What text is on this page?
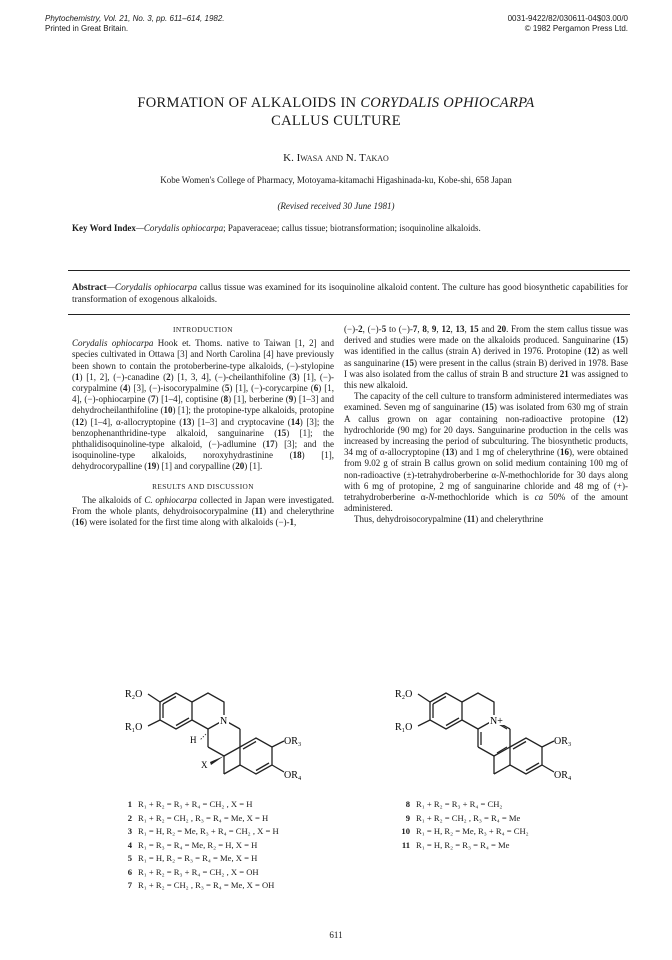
Phytochemistry, Vol. 21, No. 3, pp. 611–614, 1982.
Printed in Great Britain.
0031-9422/82/030611-04$03.00/0
© 1982 Pergamon Press Ltd.
FORMATION OF ALKALOIDS IN CORYDALIS OPHIOCARPA
CALLUS CULTURE
K. Iwasa and N. Takao
Kobe Women's College of Pharmacy, Motoyama-kitamachi Higashinada-ku, Kobe-shi, 658 Japan
(Revised received 30 June 1981)
Key Word Index—Corydalis ophiocarpa; Papaveraceae; callus tissue; biotransformation; isoquinoline alkaloids.
Abstract—Corydalis ophiocarpa callus tissue was examined for its isoquinoline alkaloid content. The culture has good biosynthetic capabilities for transformation of exogenous alkaloids.
INTRODUCTION

Corydalis ophiocarpa Hook et. Thoms. native to Taiwan [1, 2] and species cultivated in Ottawa [3] and North Carolina [4] have previously been shown to contain the protoberberine-type alkaloids, (−)-stylopine (1) [1, 2], (−)-canadine (2) [1, 3, 4], (−)-cheilanthifoline (3) [1], (−)-corypalmine (4) [3], (−)-isocorypalmine (5) [1], (−)-corycarpine (6) [1, 4], (−)-ophiocarpine (7) [1–4], coptisine (8) [1], berberine (9) [1–3] and dehydrocheilanthifoline (10) [1]; the protopine-type alkaloids, protopine (12) [1–4], α-allocryptopine (13) [1–3] and cryptocavine (14) [3]; the benzophenanthridine-type alkaloid, sanguinarine (15) [1]; the phthalidisoquinoline-type alkaloid, (−)-adlumine (17) [3]; and the isoquinoline-type alkaloids, noroxyhydrastinine (18) [1], dehydrocorypalline (19) [1] and corypalline (20) [1].

RESULTS AND DISCUSSION

The alkaloids of C. ophiocarpa collected in Japan were investigated. From the whole plants, dehydroisocorypalmine (11) and chelerythrine (16) were isolated for the first time along with alkaloids (−)-1,

(−)-2, (−)-5 to (−)-7, 8, 9, 12, 13, 15 and 20. From the stem callus tissue was derived and studies were made on the alkaloids produced. Sanguinarine (15) was identified in the callus (strain A) derived in 1976. Protopine (12) as well as sanguinarine (15) were present in the callus (strain B) derived in 1978. Base I was also isolated from the callus of strain B and structure 21 was assigned to this new alkaloid.

The capacity of the cell culture to transform administered intermediates was examined. Seven mg of sanguinarine (15) was isolated from 630 mg of strain A callus grown on agar containing non-radioactive protopine (12) hydrochloride (90 mg) for 20 days. Sanguinarine production in the cells was increased by increasing the period of subculturing. The biosynthetic products, 34 mg of α-allocryptopine (13) and 1 mg of chelerythrine (16), were obtained from 9.02 g of strain B callus grown on solid medium containing 100 mg of non-radioactive (±)-tetrahydroberberine α-N-methochloride for 30 days along with 6 mg of protopine, 2 mg of sanguinarine chloride and 48 mg of (+)-tetrahydroberberine α-N-methochloride which is ca 50% of the amount administered.

Thus, dehydroisocorypalmine (11) and chelerythrine

N
R₂O
R₁O
H
X
OR₃
OR₄
N+
R₂O
R₁O
OR₃
OR₄
1 R₁ + R₂ = R₃ + R₄ = CH₂ , X = H
2 R₁ + R₂ = CH₂ , R₃ = R₄ = Me, X = H
3 R₁ = H, R₂ = Me, R₃ + R₄ = CH₂ , X = H
4 R₁ = R₃ = R₄ = Me, R₂ = H, X = H
5 R₁ = H, R₂ = R₃ = R₄ = Me, X = H
6 R₁ + R₂ = R₃ + R₄ = CH₂ , X = OH
7 R₁ + R₂ = CH₂ , R₃ = R₄ = Me, X = OH
8 R₁ + R₂ = R₃ + R₄ = CH₂
9 R₁ + R₂ = CH₂ , R₃ = R₄ = Me
10 R₁ = H, R₂ = Me, R₃ + R₄ = CH₂
11 R₁ = H, R₂ = R₃ = R₄ = Me
611
